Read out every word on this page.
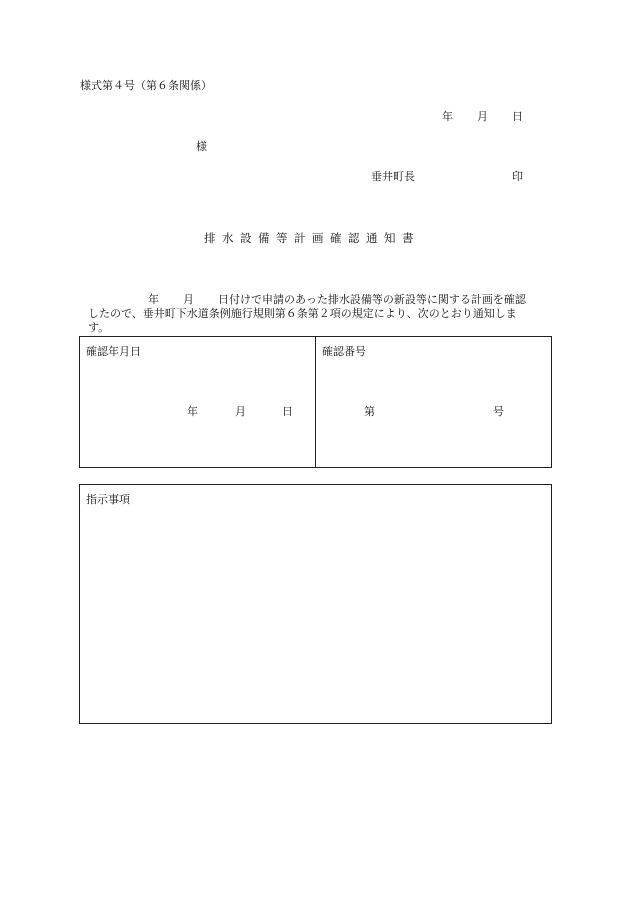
様式第４号（第６条関係）
年 月 日
様
垂井町長	印
排水設備等計画確認通知書
年 月 日付けで申請のあった排水設備等の新設等に関する計画を確認
したので、垂井町下水道条例施行規則第６条第２項の規定により、次のとおり通知しま
す。
確認年月日
年	月	日
確認番号
第	号
指示事項
